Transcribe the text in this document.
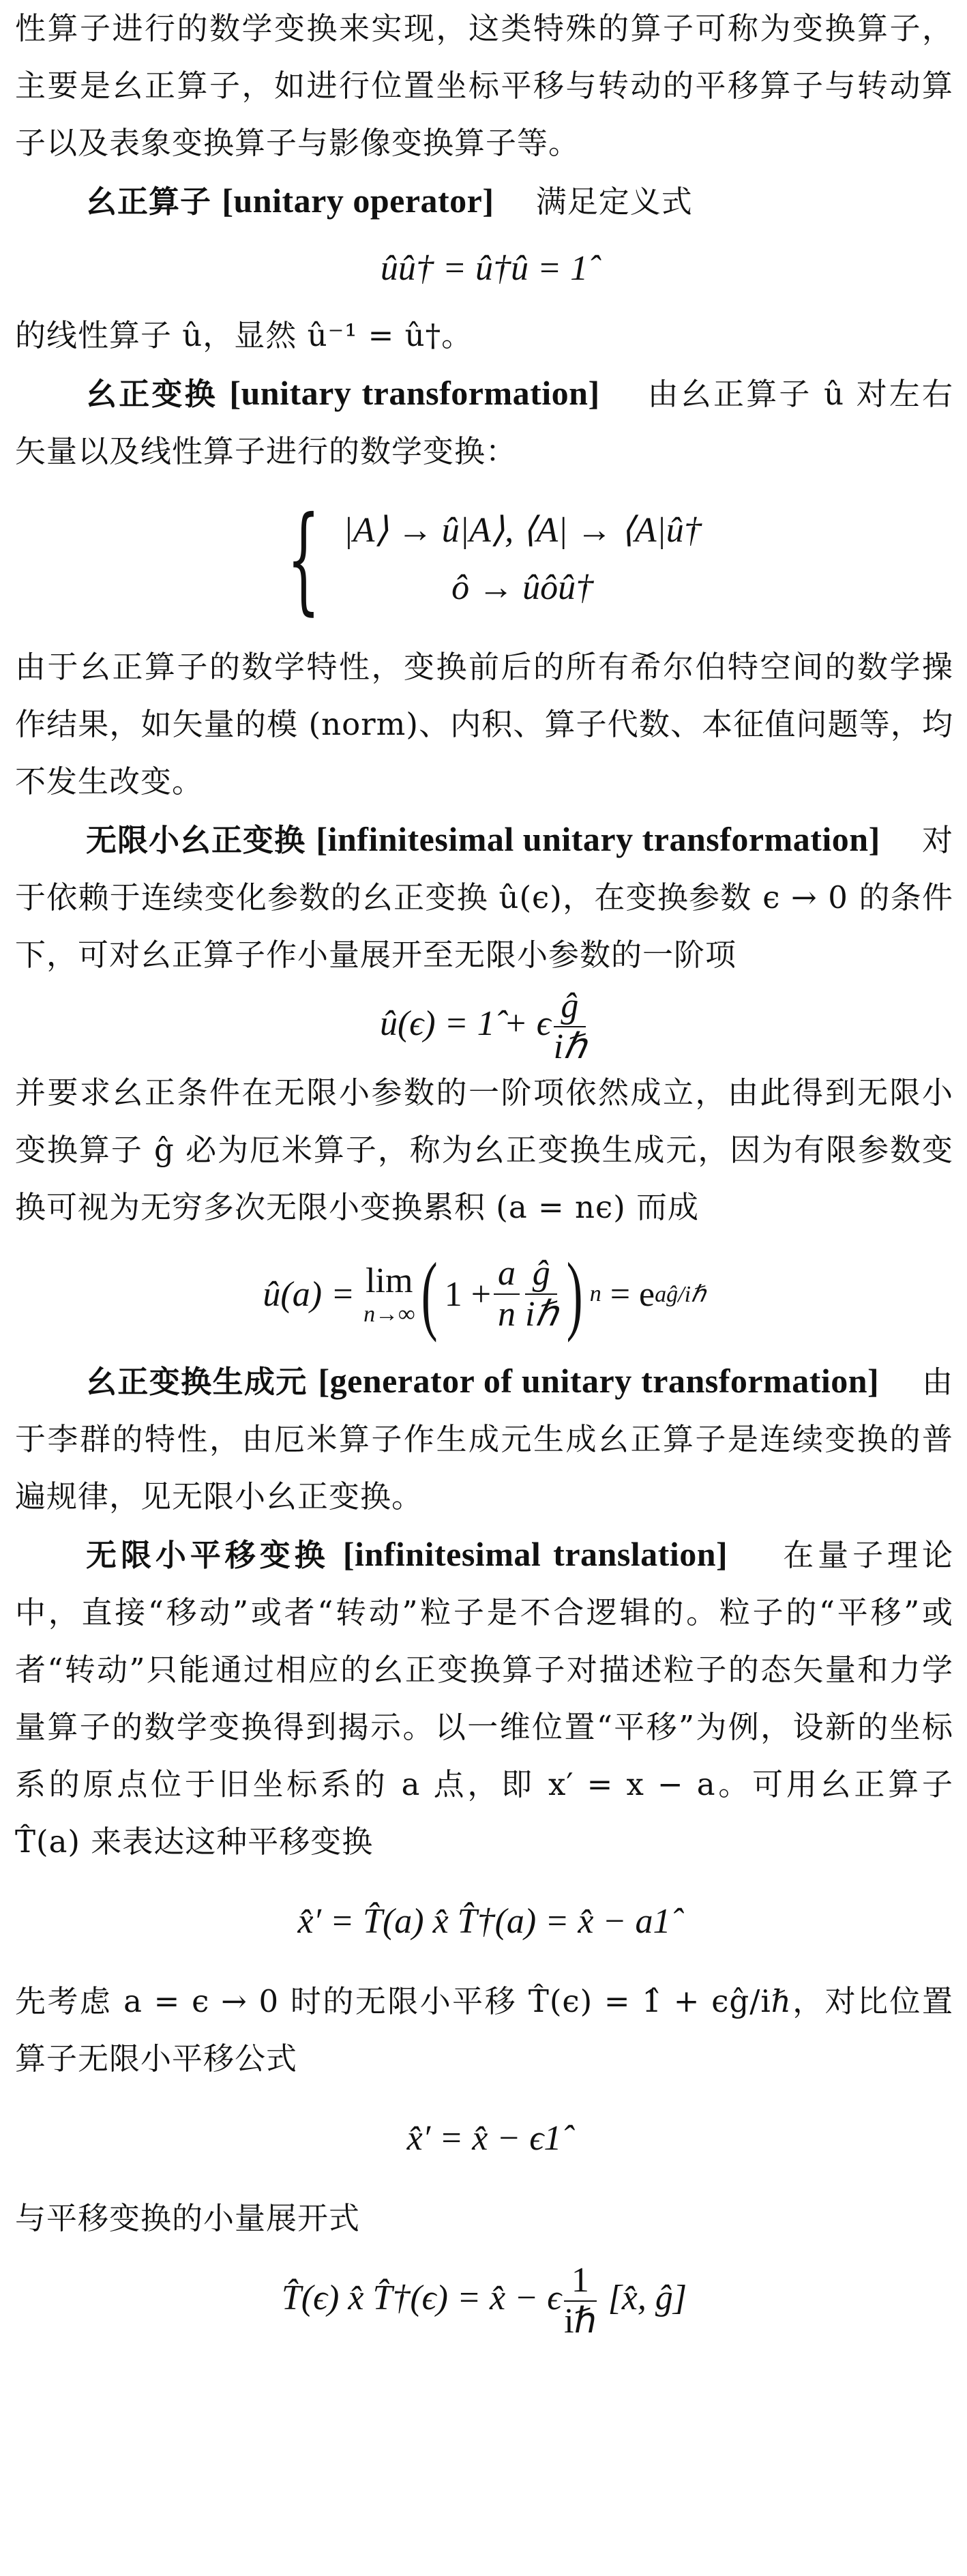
性算子进行的数学变换来实现，这类特殊的算子可称为变换算子，主要是幺正算子，如进行位置坐标平移与转动的平移算子与转动算子以及表象变换算子与影像变换算子等。

幺正算子 [unitary operator] 满足定义式

ûû† = û†û = 1̂

的线性算子 û，显然 û⁻¹ = û†。

幺正变换 [unitary transformation] 由幺正算子 û 对左右矢量以及线性算子进行的数学变换：

{ |A⟩ → û|A⟩, ⟨A| → ⟨A|û†
ô → ûôû†

由于幺正算子的数学特性，变换前后的所有希尔伯特空间的数学操作结果，如矢量的模 (norm)、内积、算子代数、本征值问题等，均不发生改变。

无限小幺正变换 [infinitesimal unitary transformation] 对于依赖于连续变化参数的幺正变换 û(ϵ)，在变换参数 ϵ → 0 的条件下，可对幺正算子作小量展开至无限小参数的一阶项

û(ϵ) = 1̂ + ϵ $\frac{ĝ}{\text{iℏ}}$

并要求幺正条件在无限小参数的一阶项依然成立，由此得到无限小变换算子 ĝ 必为厄米算子，称为幺正变换生成元，因为有限参数变换可视为无穷多次无限小变换累积 (a = nϵ) 而成

û(a) =
lim
n→∞ ( $1 + \frac{a}{n} \frac{ĝ}{\text{iℏ}}$ ) n
= e aĝ/iℏ

幺正变换生成元 [generator of unitary transformation] 由于李群的特性，由厄米算子作生成元生成幺正算子是连续变换的普遍规律，见无限小幺正变换。

无限小平移变换 [infinitesimal translation] 在量子理论中，直接“移动”或者“转动”粒子是不合逻辑的。粒子的“平移”或者“转动”只能通过相应的幺正变换算子对描述粒子的态矢量和力学量算子的数学变换得到揭示。以一维位置“平移”为例，设新的坐标系的原点位于旧坐标系的 a 点，即 x′ = x − a。可用幺正算子 T̂(a) 来表达这种平移变换

x̂′ = T̂(a) x̂ T̂†(a) = x̂ − a1̂

先考虑 a = ϵ → 0 时的无限小平移 T̂(ϵ) = 1̂ + ϵĝ/iℏ，对比位置算子无限小平移公式

x̂′ = x̂ − ϵ1̂

与平移变换的小量展开式

T̂(ϵ) x̂ T̂†(ϵ) = x̂ − ϵ $\frac{1}{\text{iℏ}}$ [x̂, ĝ]
